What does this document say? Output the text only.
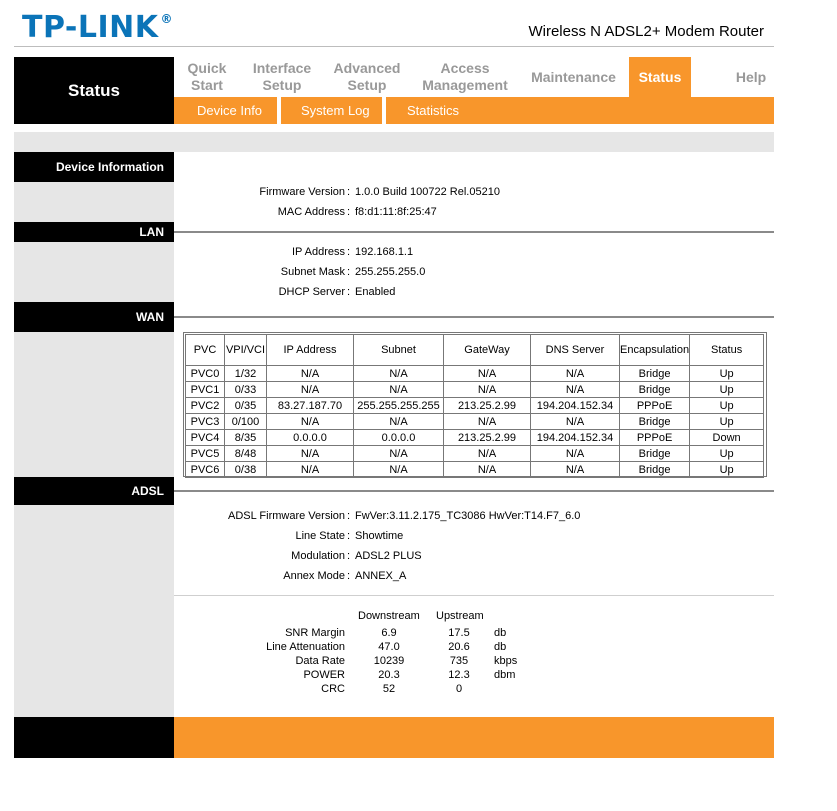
TP-LINK ®
Wireless N ADSL2+ Modem Router
Status
Quick
Start
Interface
Setup
Advanced
Setup
Access
Management
Maintenance	Status	Help
Device Info	System Log	Statistics
Device Information
Firmware Version : 1.0.0 Build 100722 Rel.05210
MAC Address : f8:d1:11:8f:25:47
LAN
IP Address : 192.168.1.1
Subnet Mask : 255.255.255.0
DHCP Server : Enabled
WAN
PVC	VPI/VCI	IP Address	Subnet	GateWay	DNS Server	Encapsulation	Status
PVC0	1/32	N/A	N/A	N/A	N/A	Bridge	Up
PVC1	0/33	N/A	N/A	N/A	N/A	Bridge	Up
PVC2	0/35	83.27.187.70	255.255.255.255	213.25.2.99	194.204.152.34	PPPoE	Up
PVC3	0/100	N/A	N/A	N/A	N/A	Bridge	Up
PVC4	8/35	0.0.0.0	0.0.0.0	213.25.2.99	194.204.152.34	PPPoE	Down
PVC5	8/48	N/A	N/A	N/A	N/A	Bridge	Up
PVC6	0/38	N/A	N/A	N/A	N/A	Bridge	Up
ADSL
ADSL Firmware Version : FwVer:3.11.2.175_TC3086 HwVer:T14.F7_6.0
Line State : Showtime
Modulation : ADSL2 PLUS
Annex Mode : ANNEX_A
Downstream Upstream
SNR Margin	6.9	17.5	db
Line Attenuation	47.0	20.6	db
Data Rate	10239	735	kbps
POWER	20.3	12.3	dbm
CRC	52	0
